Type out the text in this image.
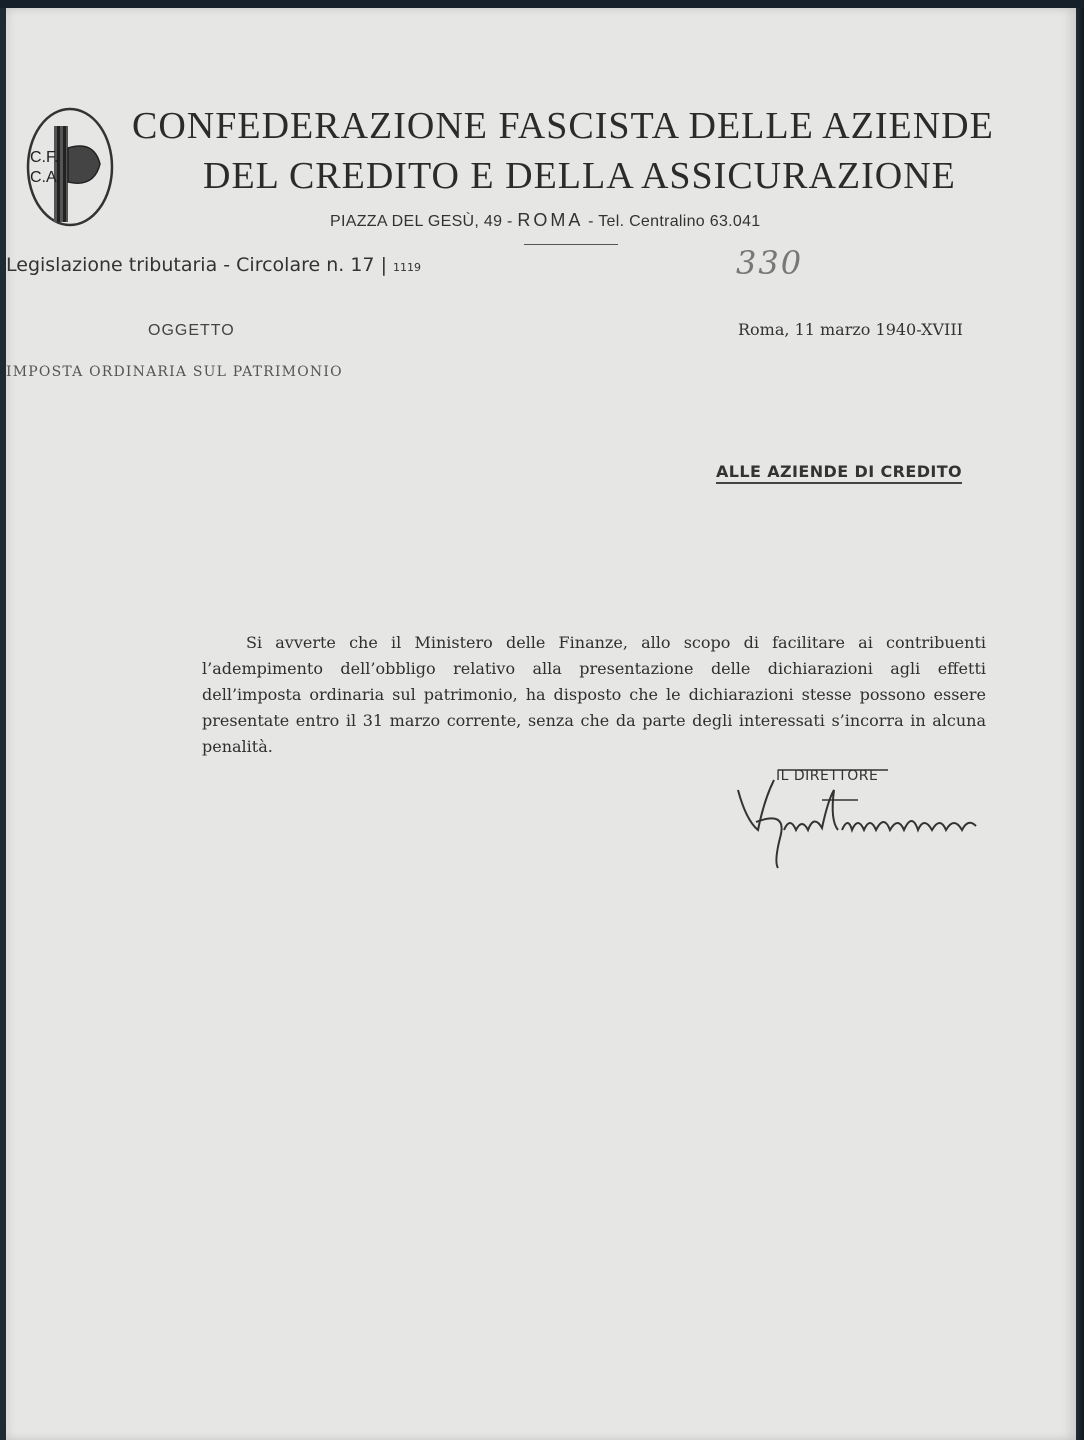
C.F.
C.A.
CONFEDERAZIONE FASCISTA DELLE AZIENDE
DEL CREDITO E DELLA ASSICURAZIONE
PIAZZA DEL GESÙ, 49 - ROMA - Tel. Centralino 63.041
Legislazione tributaria - Circolare n. 17 | 1119	330
OGGETTO	Roma, 11 marzo 1940-XVIII
IMPOSTA ORDINARIA SUL PATRIMONIO
ALLE AZIENDE DI CREDITO
Si avverte che il Ministero delle Finanze, allo scopo di facilitare ai contribuenti l’adempimento dell’obbligo relativo alla presentazione delle dichiarazioni agli effetti dell’imposta ordinaria sul patrimonio, ha disposto che le dichiarazioni stesse possono essere presentate entro il 31 marzo corrente, senza che da parte degli interessati s’incorra in alcuna penalità.
IL DIRETTORE
